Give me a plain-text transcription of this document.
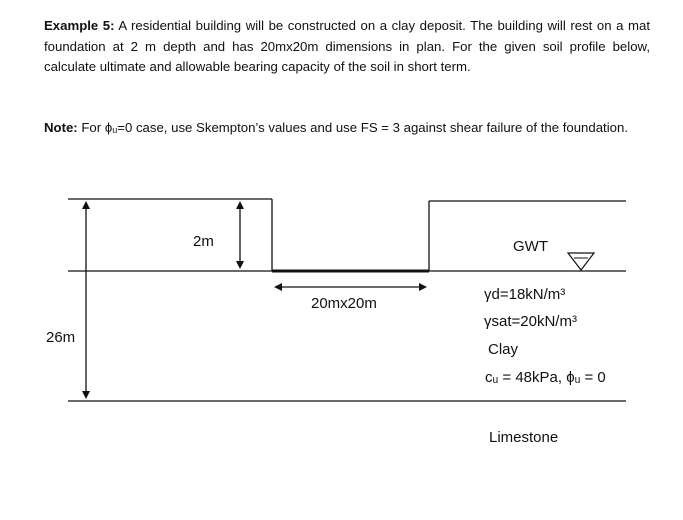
Example 5: A residential building will be constructed on a clay deposit. The building will rest on a mat foundation at 2 m depth and has 20mx20m dimensions in plan. For the given soil profile below, calculate ultimate and allowable bearing capacity of the soil in short term.
Note: For ϕᵤ=0 case, use Skempton’s values and use FS = 3 against shear failure of the foundation.
2m
26m
20mx20m
GWT
γd=18kN/m³
γsat=20kN/m³
Clay
cᵤ = 48kPa, ϕᵤ = 0
Limestone
